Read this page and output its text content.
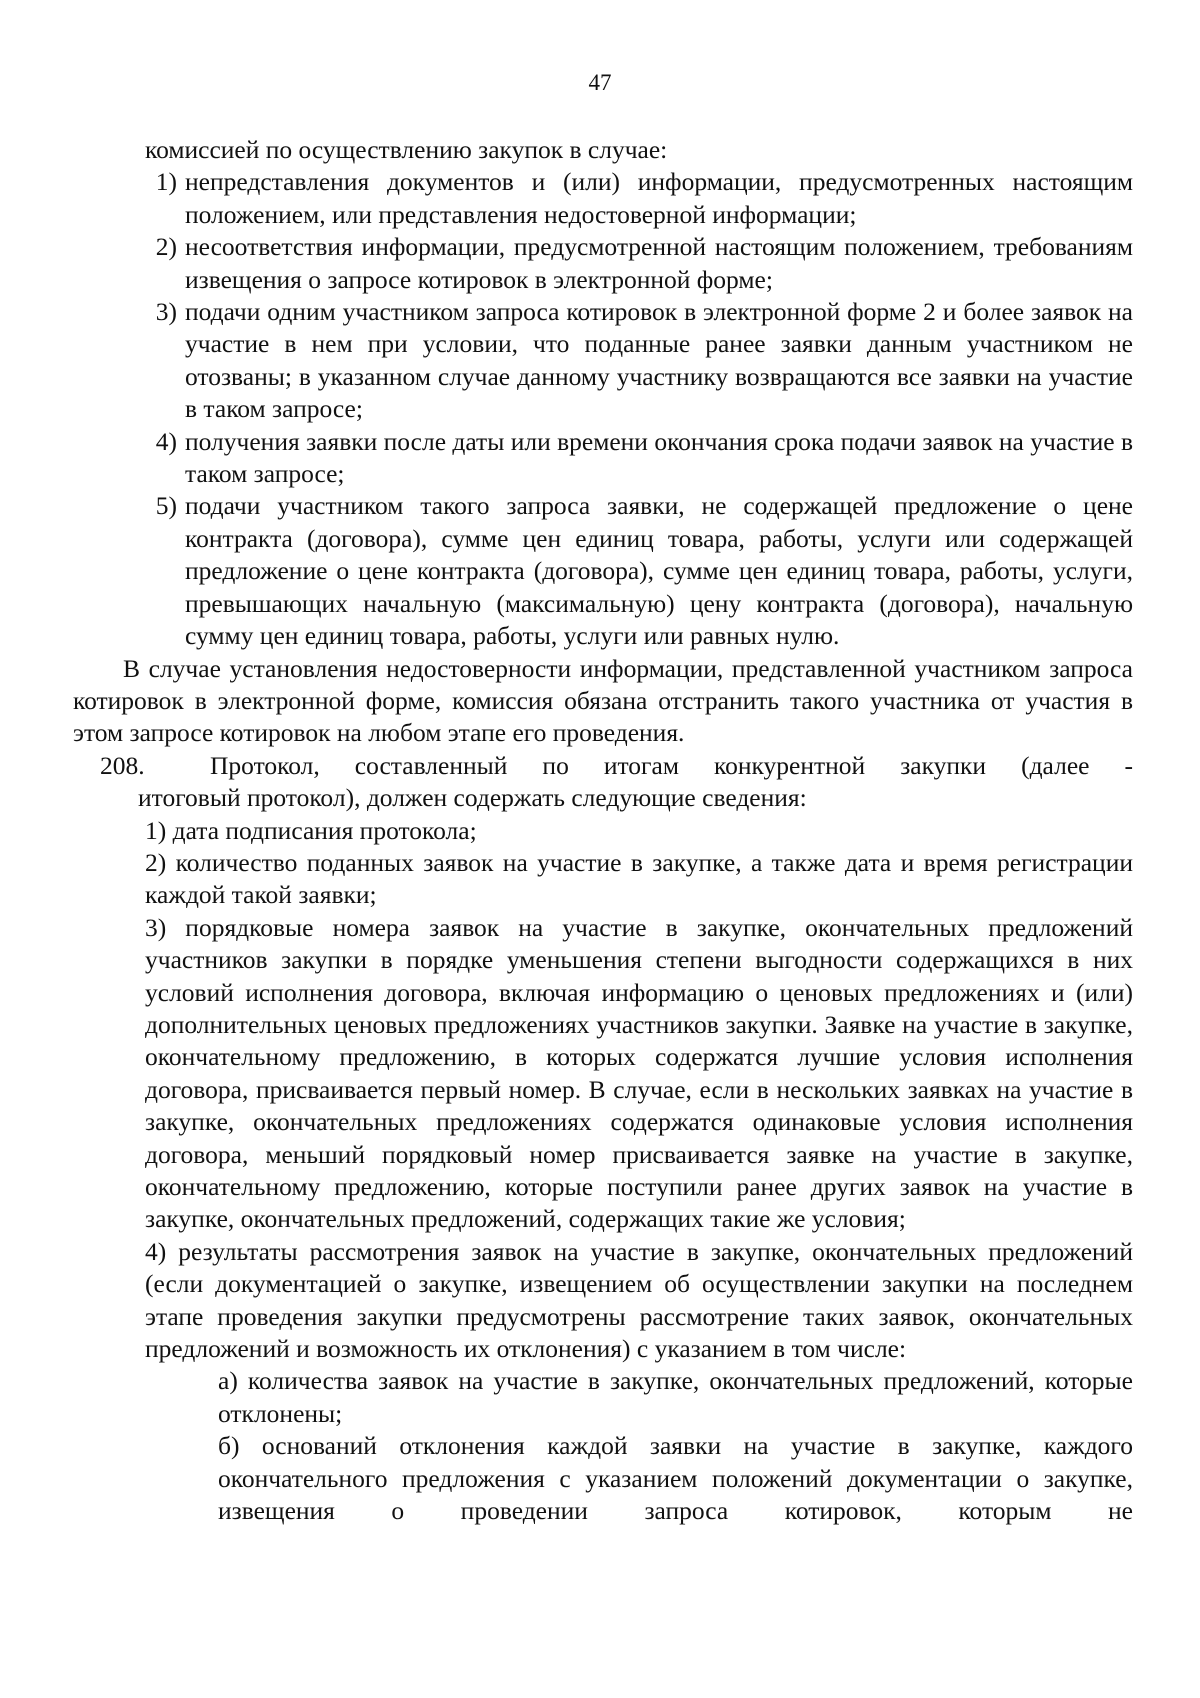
47
комиссией по осуществлению закупок в случае:
1) непредставления документов и (или) информации, предусмотренных настоящим положением, или представления недостоверной информации;
2) несоответствия информации, предусмотренной настоящим положением, требованиям извещения о запросе котировок в электронной форме;
3) подачи одним участником запроса котировок в электронной форме 2 и более заявок на участие в нем при условии, что поданные ранее заявки данным участником не отозваны; в указанном случае данному участнику возвращаются все заявки на участие в таком запросе;
4) получения заявки после даты или времени окончания срока подачи заявок на участие в таком запросе;
5) подачи участником такого запроса заявки, не содержащей предложение о цене контракта (договора), сумме цен единиц товара, работы, услуги или содержащей предложение о цене контракта (договора), сумме цен единиц товара, работы, услуги, превышающих начальную (максимальную) цену контракта (договора), начальную сумму цен единиц товара, работы, услуги или равных нулю.
В случае установления недостоверности информации, представленной участником запроса котировок в электронной форме, комиссия обязана отстранить такого участника от участия в этом запросе котировок на любом этапе его проведения.
208.	Протокол, составленный по итогам конкурентной закупки (далее -
итоговый протокол), должен содержать следующие сведения:
1) дата подписания протокола;
2) количество поданных заявок на участие в закупке, а также дата и время регистрации каждой такой заявки;
3) порядковые номера заявок на участие в закупке, окончательных предложений участников закупки в порядке уменьшения степени выгодности содержащихся в них условий исполнения договора, включая информацию о ценовых предложениях и (или) дополнительных ценовых предложениях участников закупки. Заявке на участие в закупке, окончательному предложению, в которых содержатся лучшие условия исполнения договора, присваивается первый номер. В случае, если в нескольких заявках на участие в закупке, окончательных предложениях содержатся одинаковые условия исполнения договора, меньший порядковый номер присваивается заявке на участие в закупке, окончательному предложению, которые поступили ранее других заявок на участие в закупке, окончательных предложений, содержащих такие же условия;
4) результаты рассмотрения заявок на участие в закупке, окончательных предложений (если документацией о закупке, извещением об осуществлении закупки на последнем этапе проведения закупки предусмотрены рассмотрение таких заявок, окончательных предложений и возможность их отклонения) с указанием в том числе:
а) количества заявок на участие в закупке, окончательных предложений, которые отклонены;
б) оснований отклонения каждой заявки на участие в закупке, каждого окончательного предложения с указанием положений документации о закупке, извещения о проведении запроса котировок, которым не
